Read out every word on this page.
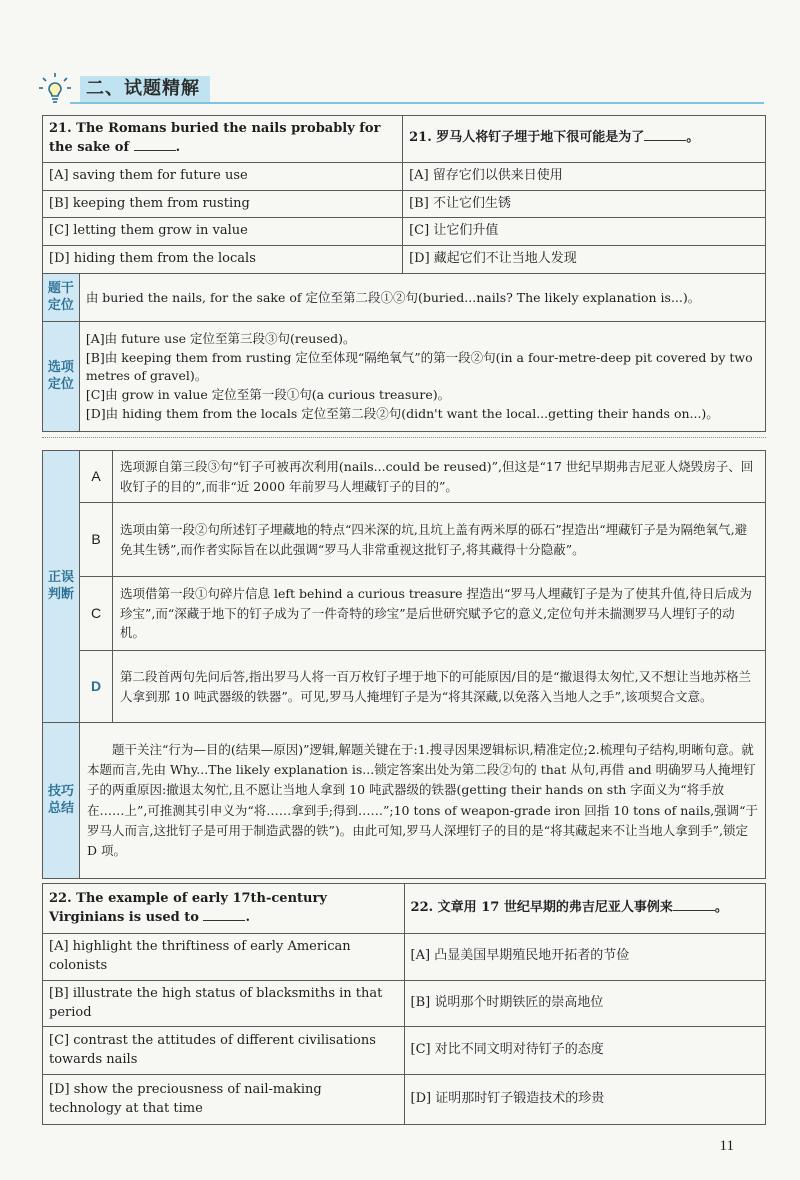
二、试题精解
21. The Romans buried the nails probably for the sake of .		21. 罗马人将钉子埋于地下很可能是为了 。
[A] saving them for future use		[A] 留存它们以供来日使用
[B] keeping them from rusting		[B] 不让它们生锈
[C] letting them grow in value		[C] 让它们升值
[D] hiding them from the locals		[D] 藏起它们不让当地人发现
题干定位	由 buried the nails, for the sake of 定位至第二段①②句(buried...nails? The likely explanation is...)。	
选项定位	[A]由 future use 定位至第三段③句(reused)。
[B]由 keeping them from rusting 定位至体现“隔绝氧气”的第一段②句(in a four-metre-deep pit covered by two metres of gravel)。
[C]由 grow in value 定位至第一段①句(a curious treasure)。
[D]由 hiding them from the locals 定位至第二段②句(didn't want the local...getting their hands on...)。	
正误判断	A	选项源自第三段③句“钉子可被再次利用(nails...could be reused)”,但这是“17 世纪早期弗吉尼亚人烧毁房子、回收钉子的目的”,而非“近 2000 年前罗马人埋藏钉子的目的”。
	B	选项由第一段②句所述钉子埋藏地的特点“四米深的坑,且坑上盖有两米厚的砾石”捏造出“埋藏钉子是为隔绝氧气,避免其生锈”,而作者实际旨在以此强调“罗马人非常重视这批钉子,将其藏得十分隐蔽”。
	C	选项借第一段①句碎片信息 left behind a curious treasure 捏造出“罗马人埋藏钉子是为了使其升值,待日后成为珍宝”,而“深藏于地下的钉子成为了一件奇特的珍宝”是后世研究赋予它的意义,定位句并未揣测罗马人埋钉子的动机。
	D	第二段首两句先问后答,指出罗马人将一百万枚钉子埋于地下的可能原因/目的是“撤退得太匆忙,又不想让当地苏格兰人拿到那 10 吨武器级的铁器”。可见,罗马人掩埋钉子是为“将其深藏,以免落入当地人之手”,该项契合文意。
技巧总结	题干关注“行为—目的(结果—原因)”逻辑,解题关键在于:1.搜寻因果逻辑标识,精准定位;2.梳理句子结构,明晰句意。就本题而言,先由 Why...The likely explanation is...锁定答案出处为第二段②句的 that 从句,再借 and 明确罗马人掩埋钉子的两重原因:撤退太匆忙,且不愿让当地人拿到 10 吨武器级的铁器(getting their hands on sth 字面义为“将手放在……上”,可推测其引申义为“将……拿到手;得到……”;10 tons of weapon-grade iron 回指 10 tons of nails,强调“于罗马人而言,这批钉子是可用于制造武器的铁”)。由此可知,罗马人深埋钉子的目的是“将其藏起来不让当地人拿到手”,锁定 D 项。	
22. The example of early 17th-century Virginians is used to .	22. 文章用 17 世纪早期的弗吉尼亚人事例来 。
[A] highlight the thriftiness of early American colonists	[A] 凸显美国早期殖民地开拓者的节俭
[B] illustrate the high status of blacksmiths in that period	[B] 说明那个时期铁匠的崇高地位
[C] contrast the attitudes of different civilisations towards nails	[C] 对比不同文明对待钉子的态度
[D] show the preciousness of nail-making technology at that time	[D] 证明那时钉子锻造技术的珍贵
11
